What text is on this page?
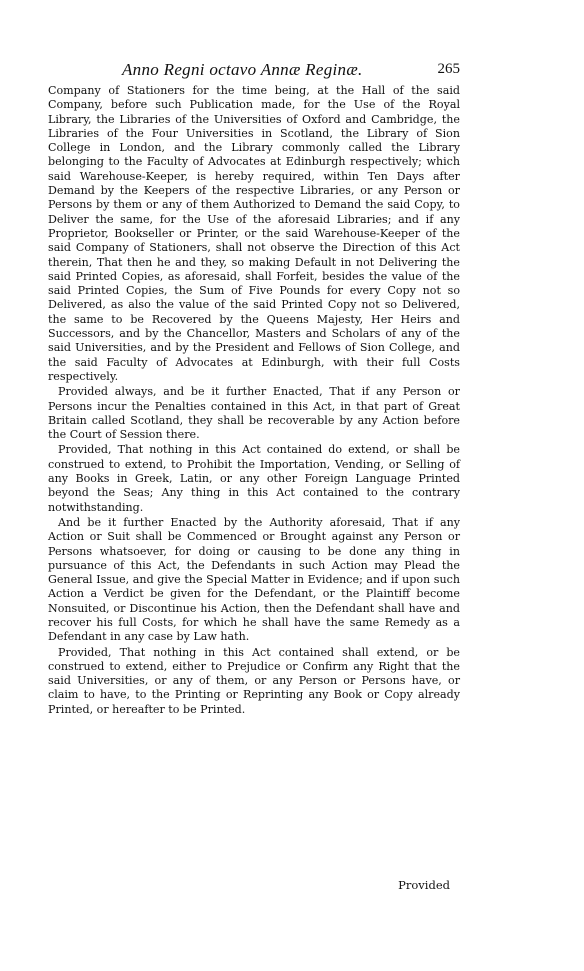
Anno Regni octavo Annæ Reginæ.	265

Company of Stationers for the time being, at the Hall of the said Company, before such Publication made, for the Use of the Royal Library, the Libraries of the Universities of Oxford and Cambridge, the Libraries of the Four Universities in Scotland, the Library of Sion College in London, and the Library commonly called the Library belonging to the Faculty of Advocates at Edinburgh respectively; which said Warehouse-Keeper, is hereby required, within Ten Days after Demand by the Keepers of the respective Libraries, or any Person or Persons by them or any of them Authorized to Demand the said Copy, to Deliver the same, for the Use of the aforesaid Libraries; and if any Proprietor, Bookseller or Printer, or the said Warehouse-Keeper of the said Company of Stationers, shall not observe the Direction of this Act therein, That then he and they, so making Default in not Delivering the said Printed Copies, as aforesaid, shall Forfeit, besides the value of the said Printed Copies, the Sum of Five Pounds for every Copy not so Delivered, as also the value of the said Printed Copy not so Delivered, the same to be Recovered by the Queens Majesty, Her Heirs and Successors, and by the Chancellor, Masters and Scholars of any of the said Universities, and by the President and Fellows of Sion College, and the said Faculty of Advocates at Edinburgh, with their full Costs respectively.

Provided always, and be it further Enacted, That if any Person or Persons incur the Penalties contained in this Act, in that part of Great Britain called Scotland, they shall be recoverable by any Action before the Court of Session there.

Provided, That nothing in this Act contained do extend, or shall be construed to extend, to Prohibit the Importation, Vending, or Selling of any Books in Greek, Latin, or any other Foreign Language Printed beyond the Seas; Any thing in this Act contained to the contrary notwithstanding.

And be it further Enacted by the Authority aforesaid, That if any Action or Suit shall be Commenced or Brought against any Person or Persons whatsoever, for doing or causing to be done any thing in pursuance of this Act, the Defendants in such Action may Plead the General Issue, and give the Special Matter in Evidence; and if upon such Action a Verdict be given for the Defendant, or the Plaintiff become Nonsuited, or Discontinue his Action, then the Defendant shall have and recover his full Costs, for which he shall have the same Remedy as a Defendant in any case by Law hath.

Provided, That nothing in this Act contained shall extend, or be construed to extend, either to Prejudice or Confirm any Right that the said Universities, or any of them, or any Person or Persons have, or claim to have, to the Printing or Reprinting any Book or Copy already Printed, or hereafter to be Printed.

Provided
